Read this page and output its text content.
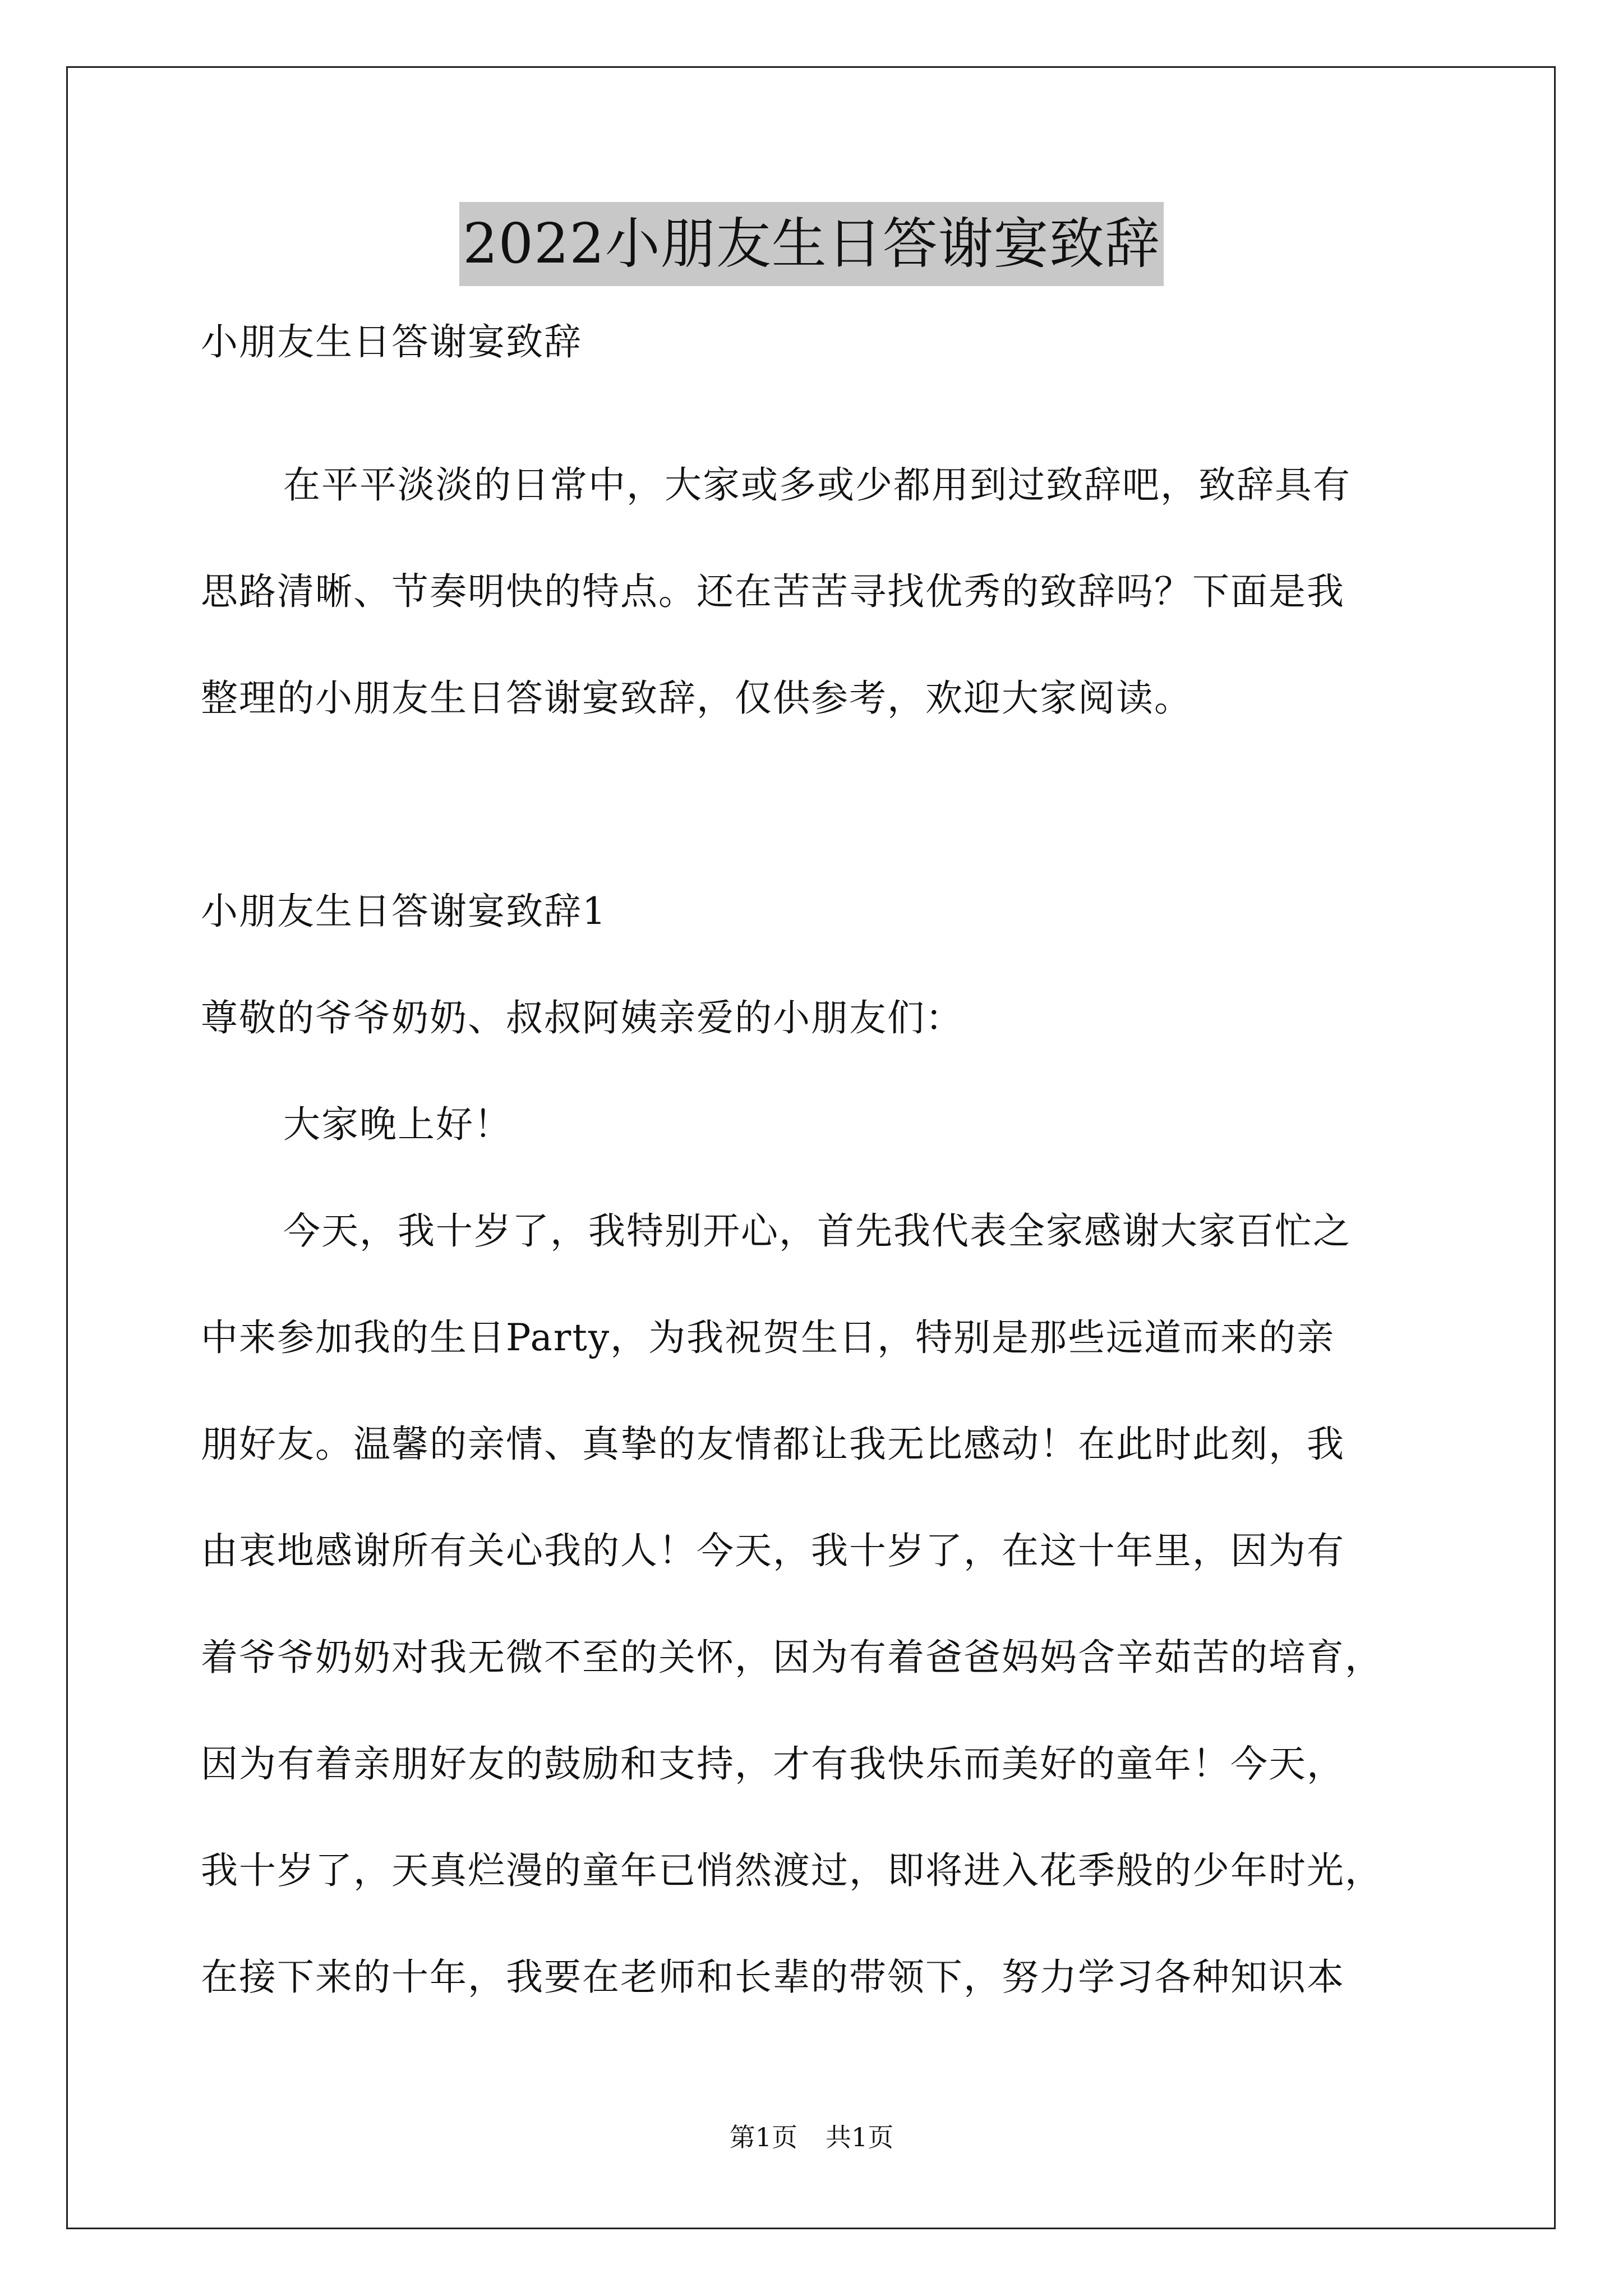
2022小朋友生日答谢宴致辞
小朋友生日答谢宴致辞
在平平淡淡的日常中，大家或多或少都用到过致辞吧，致辞具有
思路清晰、节奏明快的特点。还在苦苦寻找优秀的致辞吗？下面是我
整理的小朋友生日答谢宴致辞，仅供参考，欢迎大家阅读。
小朋友生日答谢宴致辞1
尊敬的爷爷奶奶、叔叔阿姨亲爱的小朋友们：
大家晚上好！
今天，我十岁了，我特别开心，首先我代表全家感谢大家百忙之
中来参加我的生日Party，为我祝贺生日，特别是那些远道而来的亲
朋好友。温馨的亲情、真挚的友情都让我无比感动！在此时此刻，我
由衷地感谢所有关心我的人！今天，我十岁了，在这十年里，因为有
着爷爷奶奶对我无微不至的关怀，因为有着爸爸妈妈含辛茹苦的培育，
因为有着亲朋好友的鼓励和支持，才有我快乐而美好的童年！今天，
我十岁了，天真烂漫的童年已悄然渡过，即将进入花季般的少年时光，
在接下来的十年，我要在老师和长辈的带领下，努力学习各种知识本
第1页 共1页
